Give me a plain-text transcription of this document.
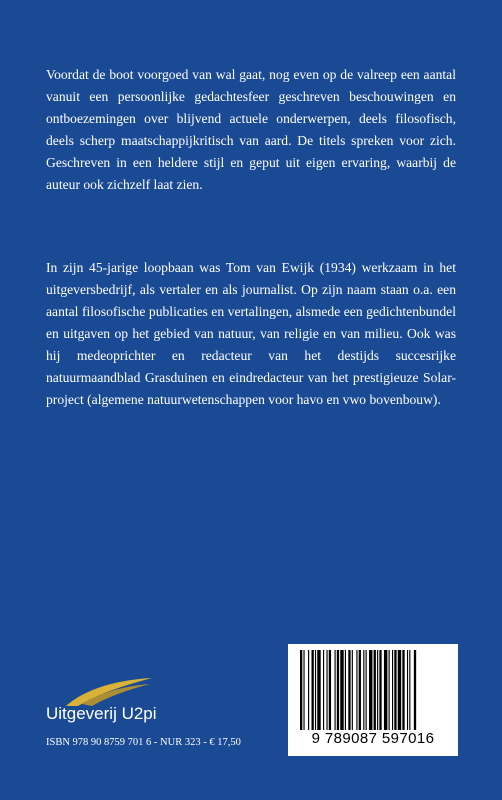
Voordat de boot voorgoed van wal gaat, nog even op de valreep een aantal vanuit een persoonlijke gedachtesfeer geschreven beschouwingen en ontboezemingen over blijvend actuele onderwerpen, deels filosofisch, deels scherp maatschappijkritisch van aard. De titels spreken voor zich. Geschreven in een heldere stijl en geput uit eigen ervaring, waarbij de auteur ook zichzelf laat zien.

In zijn 45-jarige loopbaan was Tom van Ewijk (1934) werkzaam in het uitgeversbedrijf, als vertaler en als journalist. Op zijn naam staan o.a. een aantal filosofische publicaties en vertalingen, alsmede een gedichtenbundel en uitgaven op het gebied van natuur, van religie en van milieu. Ook was hij medeoprichter en redacteur van het destijds succesrijke natuurmaandblad Grasduinen en eindredacteur van het prestigieuze Solar-project (algemene natuurwetenschappen voor havo en vwo bovenbouw).

Uitgeverij U2pi
ISBN 978 90 8759 701 6 - NUR 323 - € 17,50	9 789087 597016
